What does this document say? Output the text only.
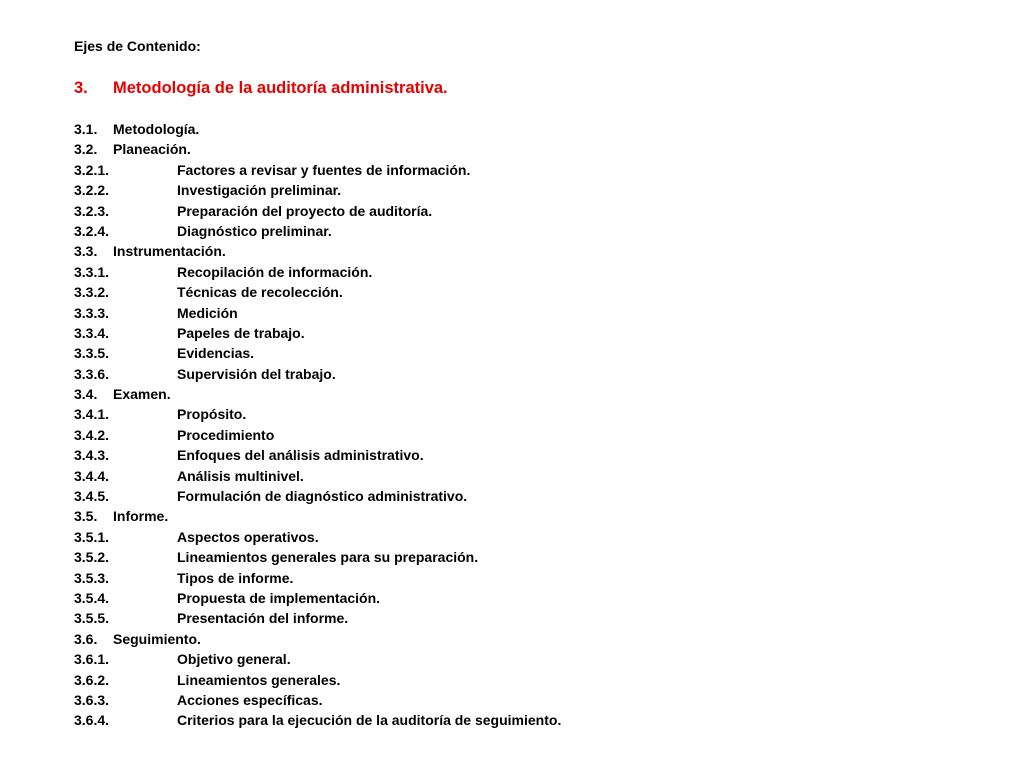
Ejes de Contenido:
3.	Metodología de la auditoría administrativa.
3.1.	Metodología.
3.2.	Planeación.
3.2.1.	Factores a revisar y fuentes de información.
3.2.2.	Investigación preliminar.
3.2.3.	Preparación del proyecto de auditoría.
3.2.4.	Diagnóstico preliminar.
3.3.	Instrumentación.
3.3.1.	Recopilación de información.
3.3.2.	Técnicas de recolección.
3.3.3.	Medición
3.3.4.	Papeles de trabajo.
3.3.5.	Evidencias.
3.3.6.	Supervisión del trabajo.
3.4.	Examen.
3.4.1.	Propósito.
3.4.2.	Procedimiento
3.4.3.	Enfoques del análisis administrativo.
3.4.4.	Análisis multinivel.
3.4.5.	Formulación de diagnóstico administrativo.
3.5.	Informe.
3.5.1.	Aspectos operativos.
3.5.2.	Lineamientos generales para su preparación.
3.5.3.	Tipos de informe.
3.5.4.	Propuesta de implementación.
3.5.5.	Presentación del informe.
3.6.	Seguimiento.
3.6.1.	Objetivo general.
3.6.2.	Lineamientos generales.
3.6.3.	Acciones específicas.
3.6.4.	Criterios para la ejecución de la auditoría de seguimiento.
